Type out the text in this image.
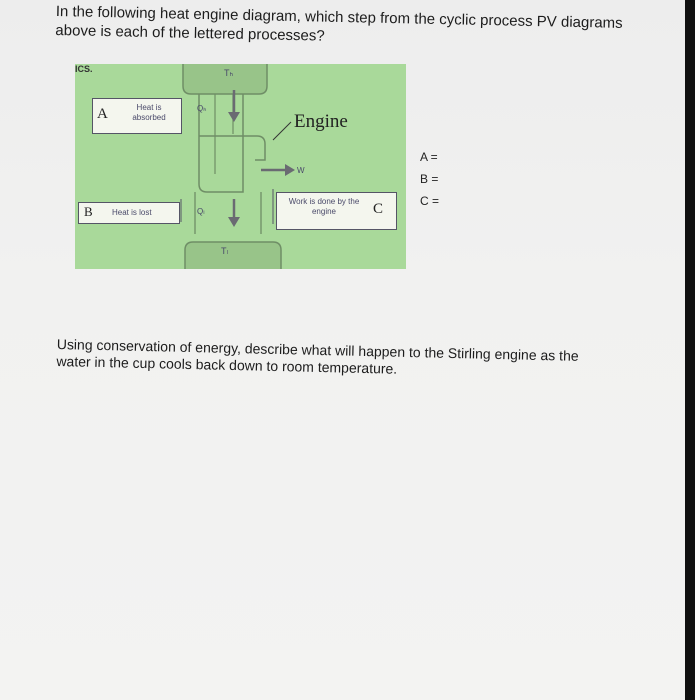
In the following heat engine diagram, which step from the cyclic process PV diagrams above is each of the lettered processes?
ICS.	Tₕ
Tₗ
Qₕ
Qₗ
W
Engine
A	Heat is absorbed
B Heat is lost
Work is done by the engine	C
A =
B =
C =
Using conservation of energy, describe what will happen to the Stirling engine as the water in the cup cools back down to room temperature.
